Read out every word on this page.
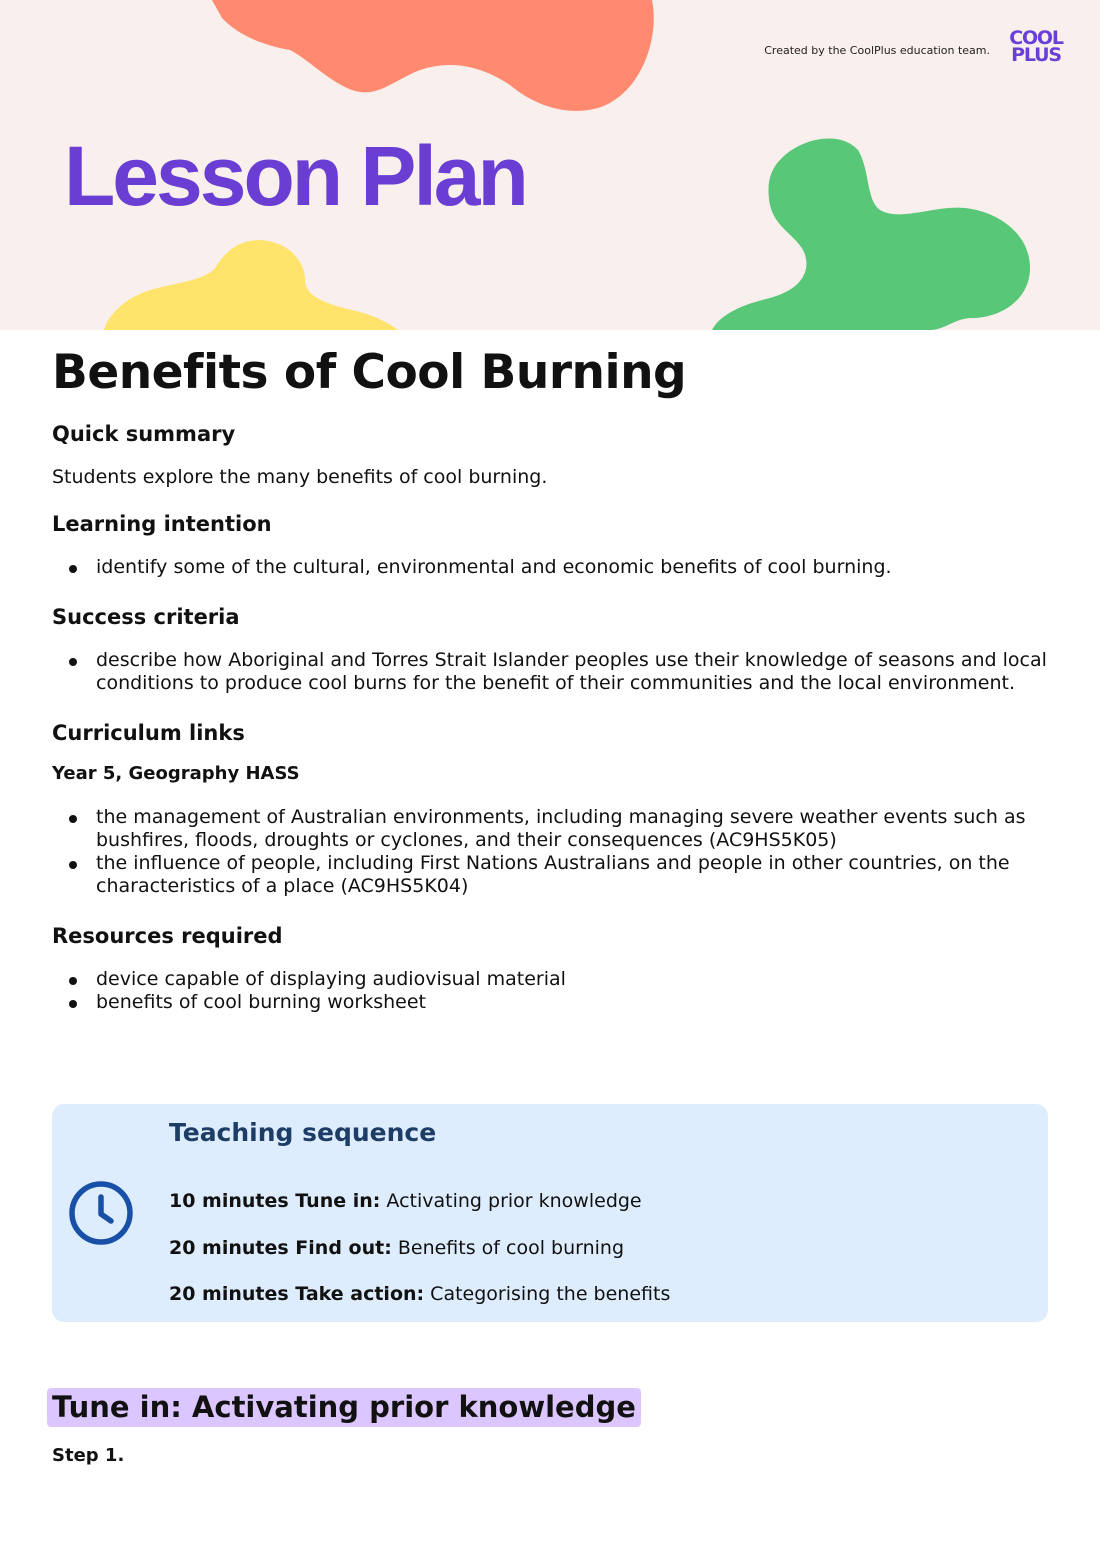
Created by the CoolPlus education team.
COOL
PLUS
Lesson Plan
Benefits of Cool Burning
Quick summary

Students explore the many benefits of cool burning.

Learning intention
identify some of the cultural, environmental and economic benefits of cool burning.
Success criteria
describe how Aboriginal and Torres Strait Islander peoples use their knowledge of seasons and local conditions to produce cool burns for the benefit of their communities and the local environment.
Curriculum links
Year 5, Geography HASS
the management of Australian environments, including managing severe weather events such as bushfires, floods, droughts or cyclones, and their consequences (AC9HS5K05)
the influence of people, including First Nations Australians and people in other countries, on the characteristics of a place (AC9HS5K04)
Resources required
device capable of displaying audiovisual material
benefits of cool burning worksheet
Teaching sequence
10 minutes Tune in: Activating prior knowledge
20 minutes Find out: Benefits of cool burning
20 minutes Take action: Categorising the benefits
Tune in: Activating prior knowledge
Step 1.
